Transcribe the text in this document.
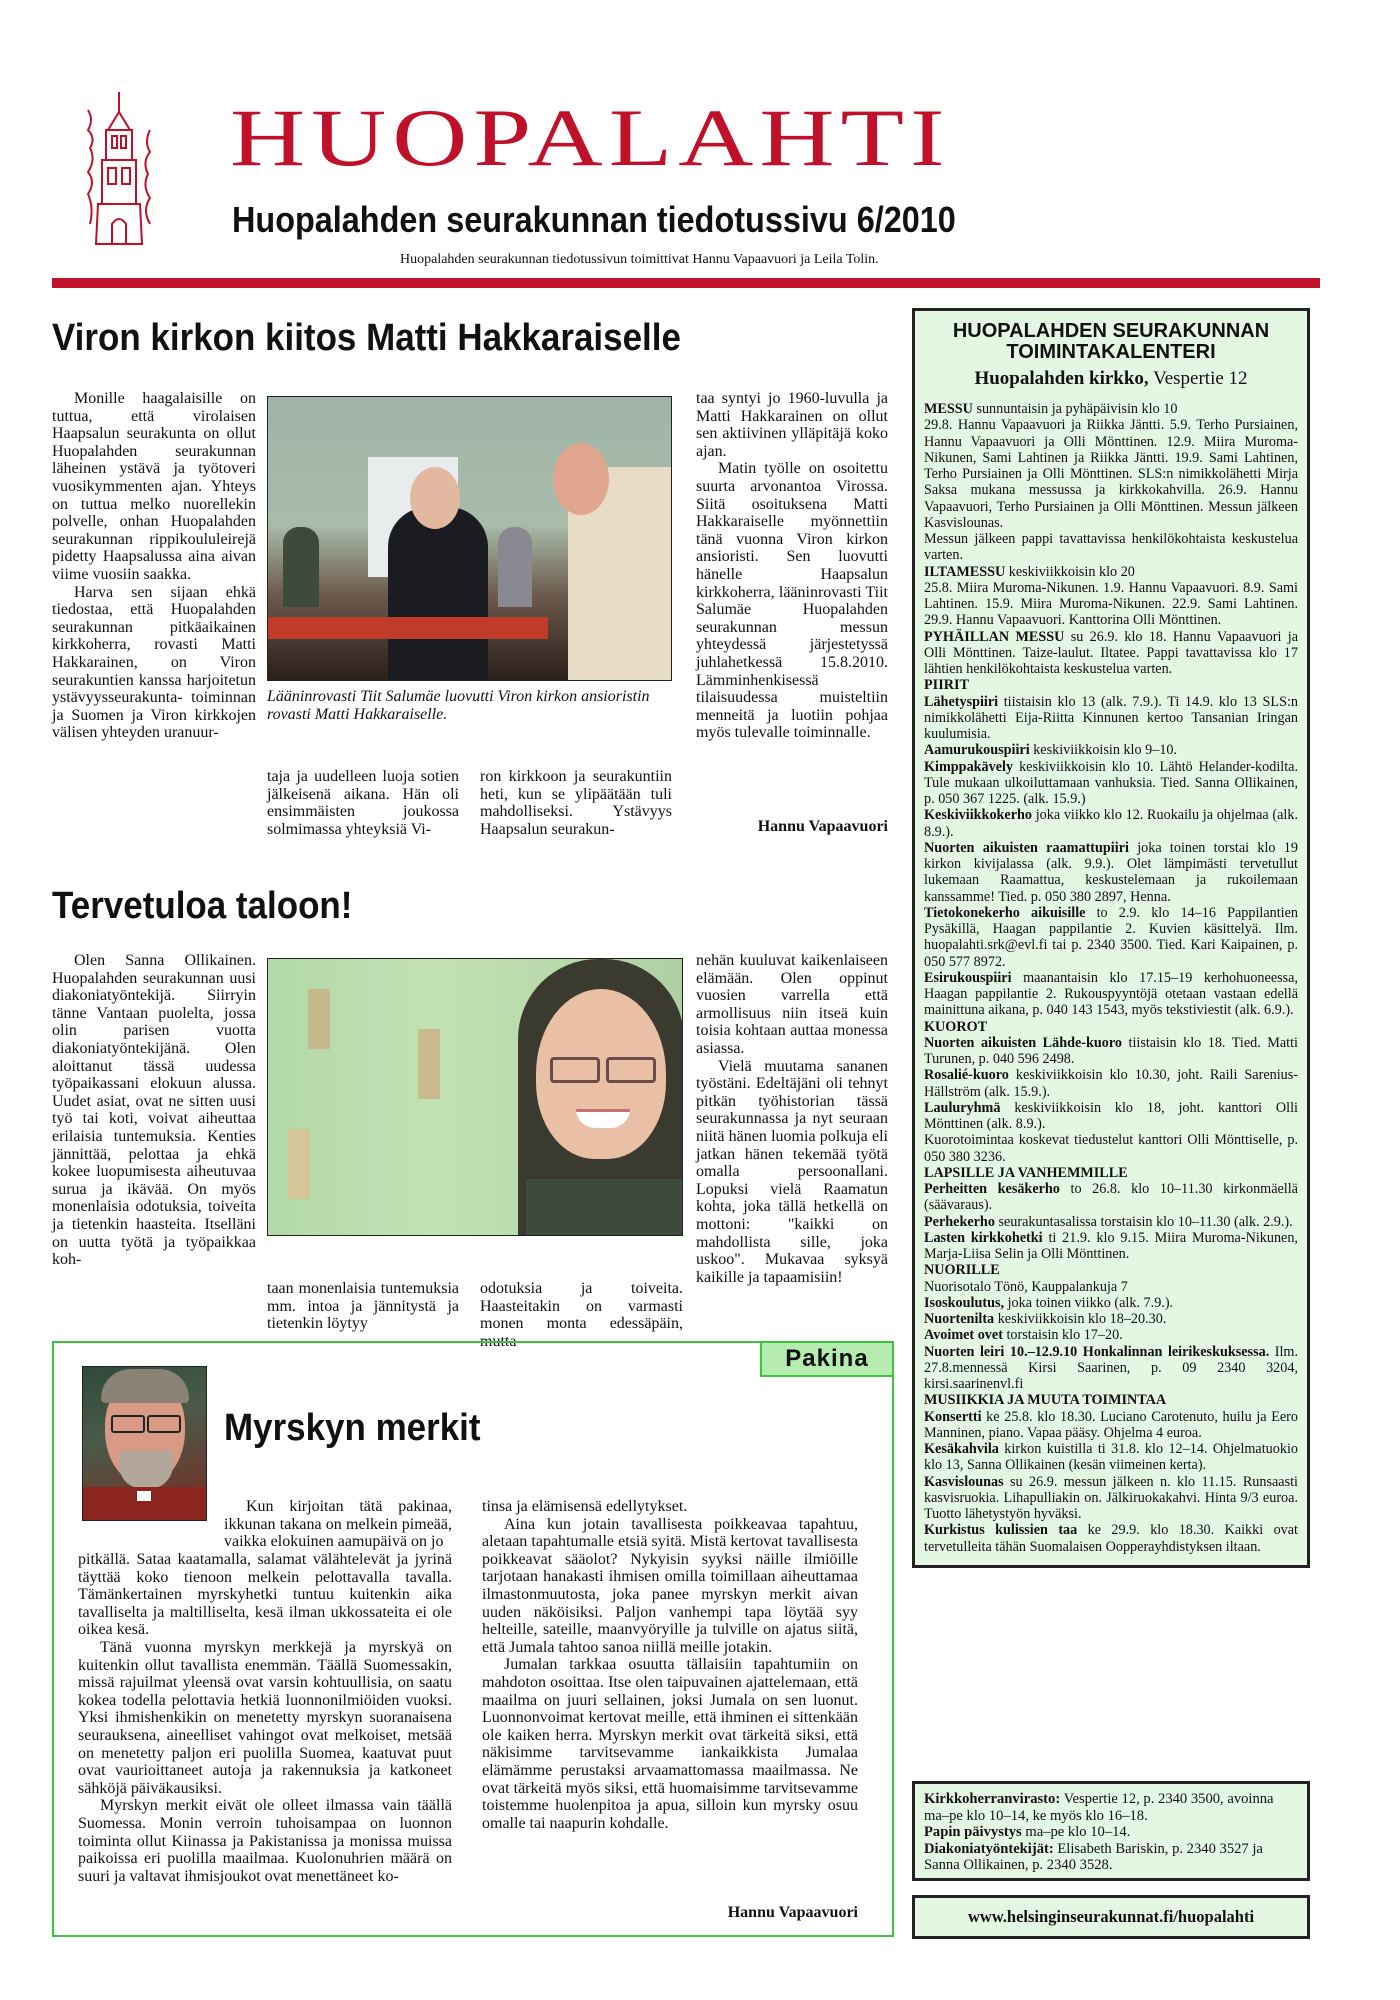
HUOPALAHTI
Huopalahden seurakunnan tiedotussivu 6/2010
Huopalahden seurakunnan tiedotussivun toimittivat Hannu Vapaavuori ja Leila Tolin.
Viron kirkon kiitos Matti Hakkaraiselle

Monille haagalaisille on tuttua, että virolaisen Haapsalun seurakunta on ollut Huopalahden seurakunnan läheinen ystävä ja työtoveri vuosikymmenten ajan. Yhteys on tuttua melko nuorellekin polvelle, onhan Huopalahden seurakunnan rippikoululeirejä pidetty Haapsalussa aina aivan viime vuosiin saakka.

Harva sen sijaan ehkä tiedostaa, että Huopalahden seurakunnan pitkäaikainen kirkkoherra, rovasti Matti Hakkarainen, on Viron seurakuntien kanssa harjoitetun ystävyysseurakunta- toiminnan ja Suomen ja Viron kirkkojen välisen yhteyden uranuur-

Lääninrovasti Tiit Salumäe luovutti Viron kirkon ansioristin rovasti Matti Hakkaraiselle.

taja ja uudelleen luoja sotien jälkeisenä aikana. Hän oli ensimmäisten joukossa solmimassa yhteyksiä Vi-

ron kirkkoon ja seurakuntiin heti, kun se ylipäätään tuli mahdolliseksi. Ystävyys Haapsalun seurakun-

taa syntyi jo 1960-luvulla ja Matti Hakkarainen on ollut sen aktiivinen ylläpitäjä koko ajan.

Matin työlle on osoitettu suurta arvonantoa Virossa. Siitä osoituksena Matti Hakkaraiselle myönnettiin tänä vuonna Viron kirkon ansioristi. Sen luovutti hänelle Haapsalun kirkkoherra, lääninrovasti Tiit Salumäe Huopalahden seurakunnan messun yhteydessä järjestetyssä juhlahetkessä 15.8.2010. Lämminhenkisessä tilaisuudessa muisteltiin menneitä ja luotiin pohjaa myös tulevalle toiminnalle.

Hannu Vapaavuori
Tervetuloa taloon!

Olen Sanna Ollikainen. Huopalahden seurakunnan uusi diakoniatyöntekijä. Siirryin tänne Vantaan puolelta, jossa olin parisen vuotta diakoniatyöntekijänä. Olen aloittanut tässä uudessa työpaikassani elokuun alussa. Uudet asiat, ovat ne sitten uusi työ tai koti, voivat aiheuttaa erilaisia tuntemuksia. Kenties jännittää, pelottaa ja ehkä kokee luopumisesta aiheutuvaa surua ja ikävää. On myös monenlaisia odotuksia, toiveita ja tietenkin haasteita. Itselläni on uutta työtä ja työpaikkaa koh-

taan monenlaisia tuntemuksia mm. intoa ja jännitystä ja tietenkin löytyy

odotuksia ja toiveita. Haasteitakin on varmasti monen monta edessäpäin, mutta

nehän kuuluvat kaikenlaiseen elämään. Olen oppinut vuosien varrella että armollisuus niin itseä kuin toisia kohtaan auttaa monessa asiassa.

Vielä muutama sananen työstäni. Edeltäjäni oli tehnyt pitkän työhistorian tässä seurakunnassa ja nyt seuraan niitä hänen luomia polkuja eli jatkan hänen tekemää työtä omalla persoonallani. Lopuksi vielä Raamatun kohta, joka tällä hetkellä on mottoni: "kaikki on mahdollista sille, joka uskoo". Mukavaa syksyä kaikille ja tapaamisiin!

Pakina
Myrskyn merkit

Kun kirjoitan tätä pakinaa, ikkunan takana on melkein pimeää, vaikka elokuinen aamupäivä on jo

pitkällä. Sataa kaatamalla, salamat välähtelevät ja jyrinä täyttää koko tienoon melkein pelottavalla tavalla. Tämänkertainen myrskyhetki tuntuu kuitenkin aika tavalliselta ja maltilliselta, kesä ilman ukkossateita ei ole oikea kesä.

Tänä vuonna myrskyn merkkejä ja myrskyä on kuitenkin ollut tavallista enemmän. Täällä Suomessakin, missä rajuilmat yleensä ovat varsin kohtuullisia, on saatu kokea todella pelottavia hetkiä luonnonilmiöiden vuoksi. Yksi ihmishenkikin on menetetty myrskyn suoranaisena seurauksena, aineelliset vahingot ovat melkoiset, metsää on menetetty paljon eri puolilla Suomea, kaatuvat puut ovat vaurioittaneet autoja ja rakennuksia ja katkoneet sähköjä päiväkausiksi.

Myrskyn merkit eivät ole olleet ilmassa vain täällä Suomessa. Monin verroin tuhoisampaa on luonnon toiminta ollut Kiinassa ja Pakistanissa ja monissa muissa paikoissa eri puolilla maailmaa. Kuolonuhrien määrä on suuri ja valtavat ihmisjoukot ovat menettäneet ko-

tinsa ja elämisensä edellytykset.

Aina kun jotain tavallisesta poikkeavaa tapahtuu, aletaan tapahtumalle etsiä syitä. Mistä kertovat tavallisesta poikkeavat sääolot? Nykyisin syyksi näille ilmiöille tarjotaan hanakasti ihmisen omilla toimillaan aiheuttamaa ilmastonmuutosta, joka panee myrskyn merkit aivan uuden näköisiksi. Paljon vanhempi tapa löytää syy helteille, sateille, maanvyöryille ja tulville on ajatus siitä, että Jumala tahtoo sanoa niillä meille jotakin.

Jumalan tarkkaa osuutta tällaisiin tapahtumiin on mahdoton osoittaa. Itse olen taipuvainen ajattelemaan, että maailma on juuri sellainen, joksi Jumala on sen luonut. Luonnonvoimat kertovat meille, että ihminen ei sittenkään ole kaiken herra. Myrskyn merkit ovat tärkeitä siksi, että näkisimme tarvitsevamme iankaikkista Jumalaa elämämme perustaksi arvaamattomassa maailmassa. Ne ovat tärkeitä myös siksi, että huomaisimme tarvitsevamme toistemme huolenpitoa ja apua, silloin kun myrsky osuu omalle tai naapurin kohdalle.

Hannu Vapaavuori
HUOPALAHDEN SEURAKUNNAN
TOIMINTAKALENTERI
Huopalahden kirkko, Vespertie 12
MESSU sunnuntaisin ja pyhäpäivisin klo 10
29.8. Hannu Vapaavuori ja Riikka Jäntti. 5.9. Terho Pursiainen, Hannu Vapaavuori ja Olli Mönttinen. 12.9. Miira Muroma-Nikunen, Sami Lahtinen ja Riikka Jäntti. 19.9. Sami Lahtinen, Terho Pursiainen ja Olli Mönttinen. SLS:n nimikkolähetti Mirja Saksa mukana messussa ja kirkkokahvilla. 26.9. Hannu Vapaavuori, Terho Pursiainen ja Olli Mönttinen. Messun jälkeen Kasvislounas.
Messun jälkeen pappi tavattavissa henkilökohtaista keskustelua varten.
ILTAMESSU keskiviikkoisin klo 20
25.8. Miira Muroma-Nikunen. 1.9. Hannu Vapaavuori. 8.9. Sami Lahtinen. 15.9. Miira Muroma-Nikunen. 22.9. Sami Lahtinen. 29.9. Hannu Vapaavuori. Kanttorina Olli Mönttinen.
PYHÄILLAN MESSU su 26.9. klo 18. Hannu Vapaavuori ja Olli Mönttinen. Taize-laulut. Iltatee. Pappi tavattavissa klo 17 lähtien henkilökohtaista keskustelua varten.
PIIRIT
Lähetyspiiri tiistaisin klo 13 (alk. 7.9.). Ti 14.9. klo 13 SLS:n nimikkolähetti Eija-Riitta Kinnunen kertoo Tansanian Iringan kuulumisia.
Aamurukouspiiri keskiviikkoisin klo 9–10.
Kimppakävely keskiviikkoisin klo 10. Lähtö Helander-kodilta. Tule mukaan ulkoiluttamaan vanhuksia. Tied. Sanna Ollikainen, p. 050 367 1225. (alk. 15.9.)
Keskiviikkokerho joka viikko klo 12. Ruokailu ja ohjelmaa (alk. 8.9.).
Nuorten aikuisten raamattupiiri joka toinen torstai klo 19 kirkon kivijalassa (alk. 9.9.). Olet lämpimästi tervetullut lukemaan Raamattua, keskustelemaan ja rukoilemaan kanssamme! Tied. p. 050 380 2897, Henna.
Tietokonekerho aikuisille to 2.9. klo 14–16 Pappilantien Pysäkillä, Haagan pappilantie 2. Kuvien käsittelyä. Ilm. huopalahti.srk@evl.fi tai p. 2340 3500. Tied. Kari Kaipainen, p. 050 577 8972.
Esirukouspiiri maanantaisin klo 17.15–19 kerhohuoneessa, Haagan pappilantie 2. Rukouspyyntöjä otetaan vastaan edellä mainittuna aikana, p. 040 143 1543, myös tekstiviestit (alk. 6.9.).
KUOROT
Nuorten aikuisten Lähde-kuoro tiistaisin klo 18. Tied. Matti Turunen, p. 040 596 2498.
Rosalié-kuoro keskiviikkoisin klo 10.30, joht. Raili Sarenius-Hällström (alk. 15.9.).
Lauluryhmä keskiviikkoisin klo 18, joht. kanttori Olli Mönttinen (alk. 8.9.).
Kuorotoimintaa koskevat tiedustelut kanttori Olli Mönttiselle, p. 050 380 3236.
LAPSILLE JA VANHEMMILLE
Perheitten kesäkerho to 26.8. klo 10–11.30 kirkonmäellä (säävaraus).
Perhekerho seurakuntasalissa torstaisin klo 10–11.30 (alk. 2.9.).
Lasten kirkkohetki ti 21.9. klo 9.15. Miira Muroma-Nikunen, Marja-Liisa Selin ja Olli Mönttinen.
NUORILLE
Nuorisotalo Tönö, Kauppalankuja 7
Isoskoulutus, joka toinen viikko (alk. 7.9.).
Nuortenilta keskiviikkoisin klo 18–20.30.
Avoimet ovet torstaisin klo 17–20.
Nuorten leiri 10.–12.9.10 Honkalinnan leirikeskuksessa. Ilm. 27.8.mennessä Kirsi Saarinen, p. 09 2340 3204, kirsi.saarinenvl.fi
MUSIIKKIA JA MUUTA TOIMINTAA
Konsertti ke 25.8. klo 18.30. Luciano Carotenuto, huilu ja Eero Manninen, piano. Vapaa pääsy. Ohjelma 4 euroa.
Kesäkahvila kirkon kuistilla ti 31.8. klo 12–14. Ohjelmatuokio klo 13, Sanna Ollikainen (kesän viimeinen kerta).
Kasvislounas su 26.9. messun jälkeen n. klo 11.15. Runsaasti kasvisruokia. Lihapulliakin on. Jälkiruokakahvi. Hinta 9/3 euroa. Tuotto lähetystyön hyväksi.
Kurkistus kulissien taa ke 29.9. klo 18.30. Kaikki ovat tervetulleita tähän Suomalaisen Oopperayhdistyksen iltaan.
Kirkkoherranvirasto: Vespertie 12, p. 2340 3500, avoinna ma–pe klo 10–14, ke myös klo 16–18.
Papin päivystys ma–pe klo 10–14.
Diakoniatyöntekijät: Elisabeth Bariskin, p. 2340 3527 ja Sanna Ollikainen, p. 2340 3528.
www.helsinginseurakunnat.fi/huopalahti
